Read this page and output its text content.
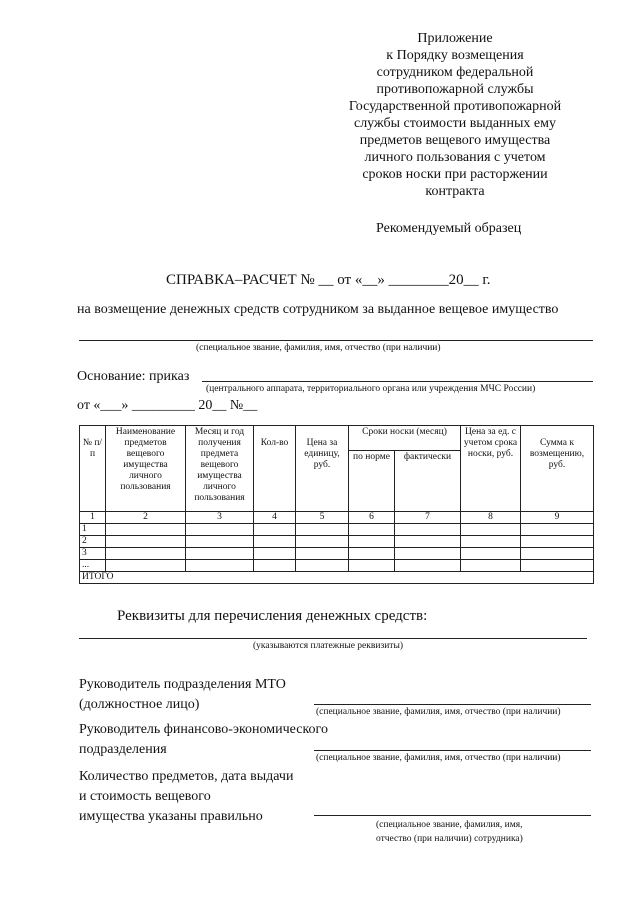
Приложение
к Порядку возмещения
сотрудником федеральной
противопожарной службы
Государственной противопожарной
службы стоимости выданных ему
предметов вещевого имущества
личного пользования с учетом
сроков носки при расторжении
контракта
Рекомендуемый образец
СПРАВКА–РАСЧЕТ № __ от «__» ________20__ г.
на возмещение денежных средств сотрудником за выданное вещевое имущество
(специальное звание, фамилия, имя, отчество (при наличии)
Основание: приказ
(центрального аппарата, территориального органа или учреждения МЧС России)
от «___» _________ 20__ №__
№ п/п	Наименование предметов вещевого имущества личного пользования	Месяц и год получения предмета вещевого имущества личного пользования	Кол-во	Цена за единицу, руб.	Сроки носки (месяц)		Цена за ед. с учетом срока носки, руб.	Сумма к возмещению, руб.
					по норме	фактически		
1	2	3	4	5	6	7	8	9
1								
2								
3								
...								
ИТОГО								
Реквизиты для перечисления денежных средств:
(указываются платежные реквизиты)
Руководитель подразделения МТО
(должностное лицо)	(специальное звание, фамилия, имя, отчество (при наличии)
Руководитель финансово-экономического
подразделения
(специальное звание, фамилия, имя, отчество (при наличии)
Количество предметов, дата выдачи
и стоимость вещевого
имущества указаны правильно
(специальное звание, фамилия, имя,
отчество (при наличии) сотрудника)
